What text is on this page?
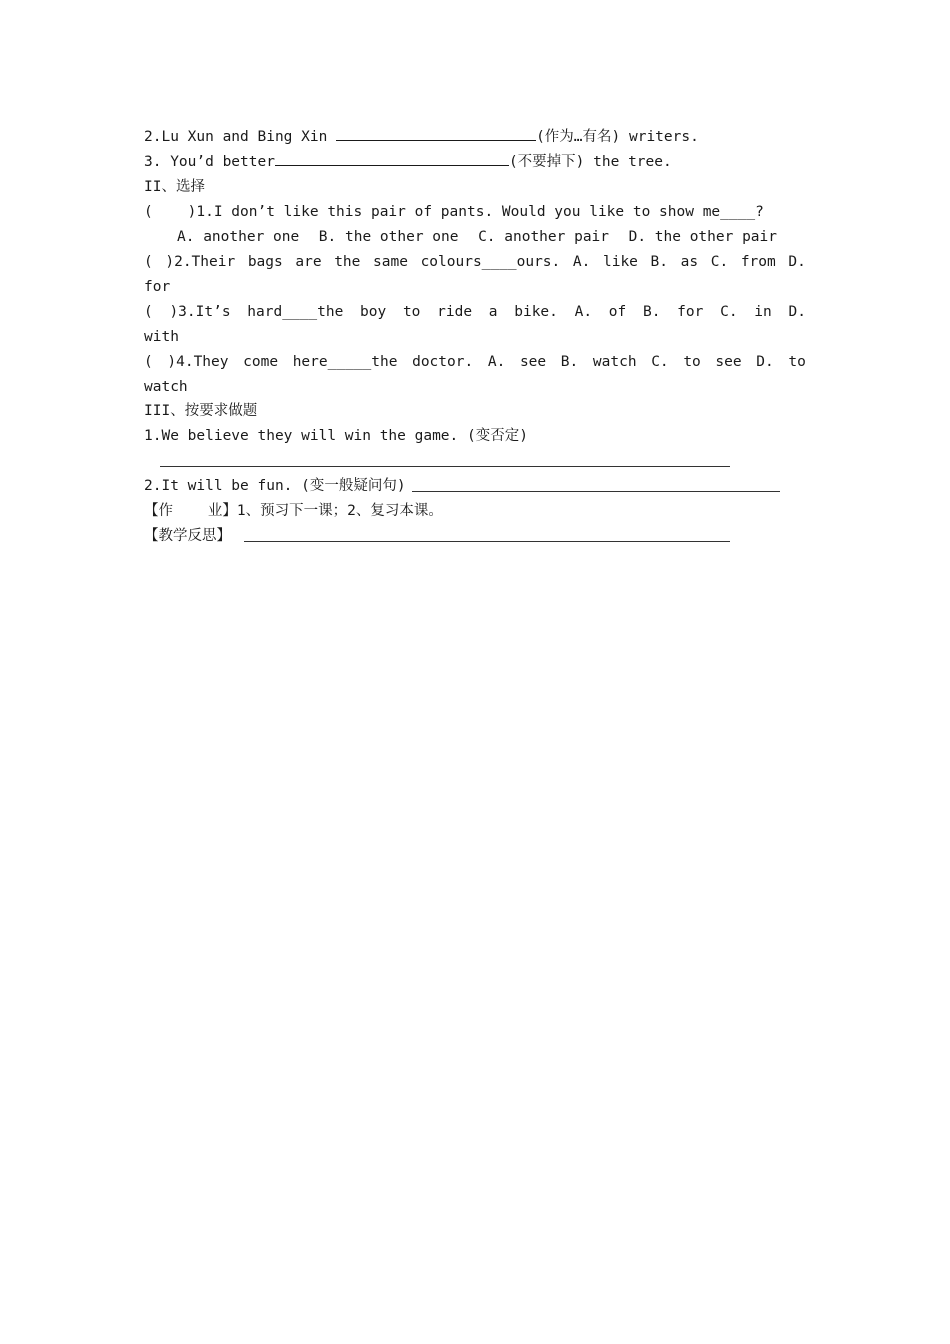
2.Lu Xun and Bing Xin	(作为…有名) writers.
3. You’d better	(不要掉下) the tree.
II、选择
(    )1.I don’t like this pair of pants. Would you like to show me____?
A. another one B. the other one C. another pair D. the other pair
( )2.Their bags are the same colours____ours. A. like B. as C. from D.
for
( )3.It’s hard____the boy to ride a bike. A. of B. for C. in D.
with
( )4.They come here_____the doctor. A. see B. watch C. to see D. to
watch
III、按要求做题
1.We believe they will win the game. (变否定)
2.It will be fun. (变一般疑问句)
【作    业】1、预习下一课；2、复习本课。
【教学反思】
